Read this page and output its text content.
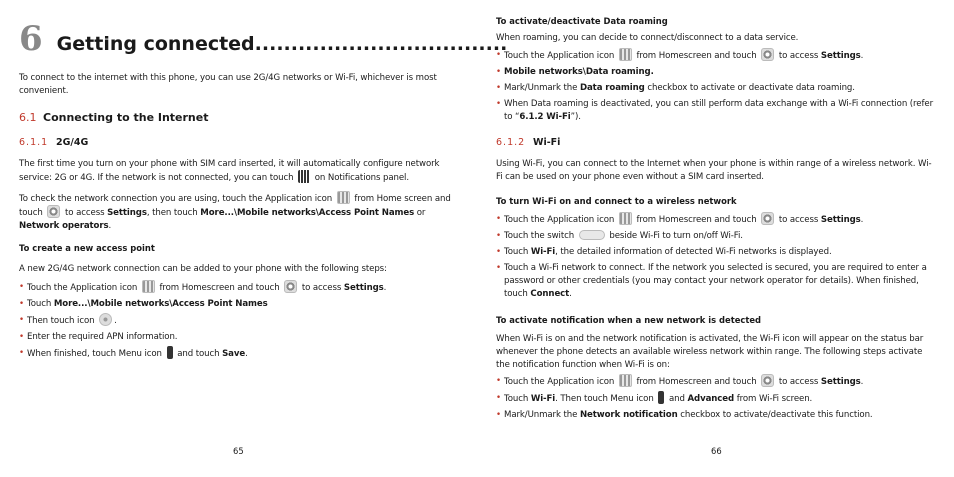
6 Getting connected...................................

To connect to the internet with this phone, you can use 2G/4G networks or Wi-Fi, whichever is most convenient.

6.1 Connecting to the Internet
6.1.1 2G/4G

The first time you turn on your phone with SIM card inserted, it will automatically configure network service: 2G or 4G. If the network is not connected, you can touch on Notifications panel.

To check the network connection you are using, touch the Application icon	from Home screen and touch	to access Settings, then touch More...\Mobile networks\Access Point Names or Network operators.

To create a new access point

A new 2G/4G network connection can be added to your phone with the following steps:

• Touch the Application icon	from Homescreen and touch	to access Settings.
• Touch More...\Mobile networks\Access Point Names
• Then touch icon .
• Enter the required APN information.
• When finished, touch Menu icon and touch Save.
65
To activate/deactivate Data roaming

When roaming, you can decide to connect/disconnect to a data service.

• Touch the Application icon	from Homescreen and touch	to access Settings.
• Mobile networks\Data roaming.
• Mark/Unmark the Data roaming checkbox to activate or deactivate data roaming.
• When Data roaming is deactivated, you can still perform data exchange with a Wi-Fi connection (refer to “6.1.2 Wi-Fi”).
6.1.2 Wi-Fi

Using Wi-Fi, you can connect to the Internet when your phone is within range of a wireless network. Wi-Fi can be used on your phone even without a SIM card inserted.

To turn Wi-Fi on and connect to a wireless network
• Touch the Application icon	from Homescreen and touch	to access Settings.
• Touch the switch	beside Wi-Fi to turn on/off Wi-Fi.
• Touch Wi-Fi, the detailed information of detected Wi-Fi networks is displayed.
• Touch a Wi-Fi network to connect. If the network you selected is secured, you are required to enter a password or other credentials (you may contact your network operator for details). When finished, touch Connect.
To activate notification when a new network is detected

When Wi-Fi is on and the network notification is activated, the Wi-Fi icon will appear on the status bar whenever the phone detects an available wireless network within range. The following steps activate the notification function when Wi-Fi is on:

• Touch the Application icon	from Homescreen and touch	to access Settings.
• Touch Wi-Fi. Then touch Menu icon and Advanced from Wi-Fi screen.
• Mark/Unmark the Network notification checkbox to activate/deactivate this function.
66
